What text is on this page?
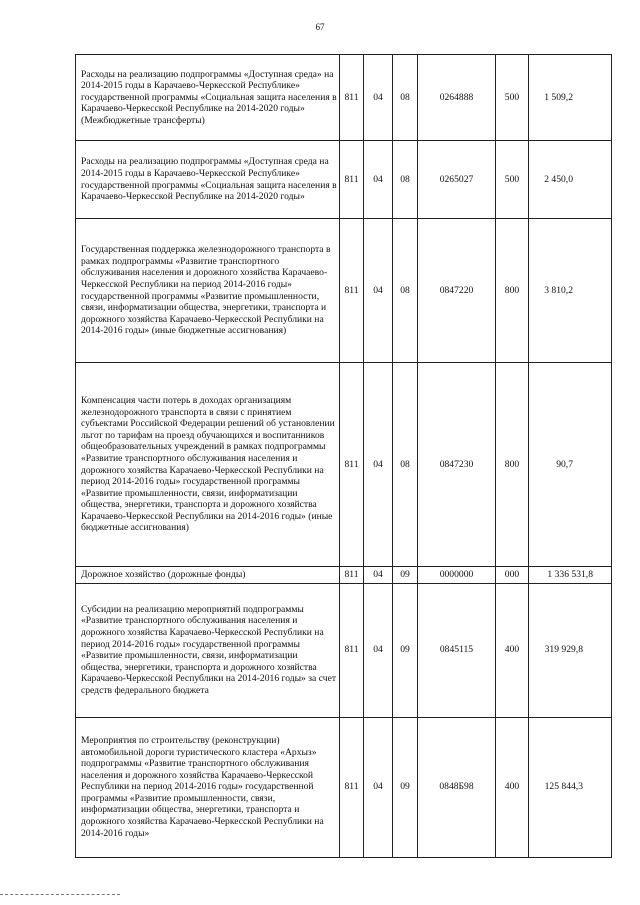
67
Расходы на реализацию подпрограммы «Доступная среда» на 2014-2015 годы в Карачаево-Черкесской Республике» государственной программы «Социальная защита населения в Карачаево-Черкесской Республике на 2014-2020 годы» (Межбюджетные трансферты)	811	04	08	0264888	500	1 509,2

Расходы на реализацию подпрограммы «Доступная среда на 2014-2015 годы в Карачаево-Черкесской Республике» государственной программы «Социальная защита населения в Карачаево-Черкесской Республике на 2014-2020 годы»	811	04	08	0265027	500	2 450,0

Государственная поддержка железнодорожного транспорта в рамках подпрограммы «Развитие транспортного обслуживания населения и дорожного хозяйства Карачаево-Черкесской Республики на период 2014-2016 годы» государственной программы «Развитие промышленности, связи, информатизации общества, энергетики, транспорта и дорожного хозяйства Карачаево-Черкесской Республики на 2014-2016 годы» (иные бюджетные ассигнования)	811	04	08	0847220	800	3 810,2

Компенсация части потерь в доходах организациям железнодорожного транспорта в связи с принятием субъектами Российской Федерации решений об установлении льгот по тарифам на проезд обучающихся и воспитанников общеобразовательных учреждений в рамках подпрограммы «Развитие транспортного обслуживания населения и дорожного хозяйства Карачаево-Черкесской Республики на период 2014-2016 годы» государственной программы «Развитие промышленности, связи, информатизации общества, энергетики, транспорта и дорожного хозяйства Карачаево-Черкесской Республики на 2014-2016 годы» (иные бюджетные ассигнования)	811	04	08	0847230	800	90,7

Дорожное хозяйство (дорожные фонды)	811	04	09	0000000	000	1 336 531,8

Субсидии на реализацию мероприятий подпрограммы «Развитие транспортного обслуживания населения и дорожного хозяйства Карачаево-Черкесской Республики на период 2014-2016 годы» государственной программы «Развитие промышленности, связи, информатизации общества, энергетики, транспорта и дорожного хозяйства Карачаево-Черкесской Республики на 2014-2016 годы» за счет средств федерального бюджета	811	04	09	0845115	400	319 929,8

Мероприятия по строительству (реконструкции) автомобильной дороги туристического кластера «Архыз» подпрограммы «Развитие транспортного обслуживания населения и дорожного хозяйства Карачаево-Черкесской Республики на период 2014-2016 годы» государственной программы «Развитие промышленности, связи, информатизации общества, энергетики, транспорта и дорожного хозяйства Карачаево-Черкесской Республики на 2014-2016 годы»	811	04	09	0848Б98	400	125 844,3
